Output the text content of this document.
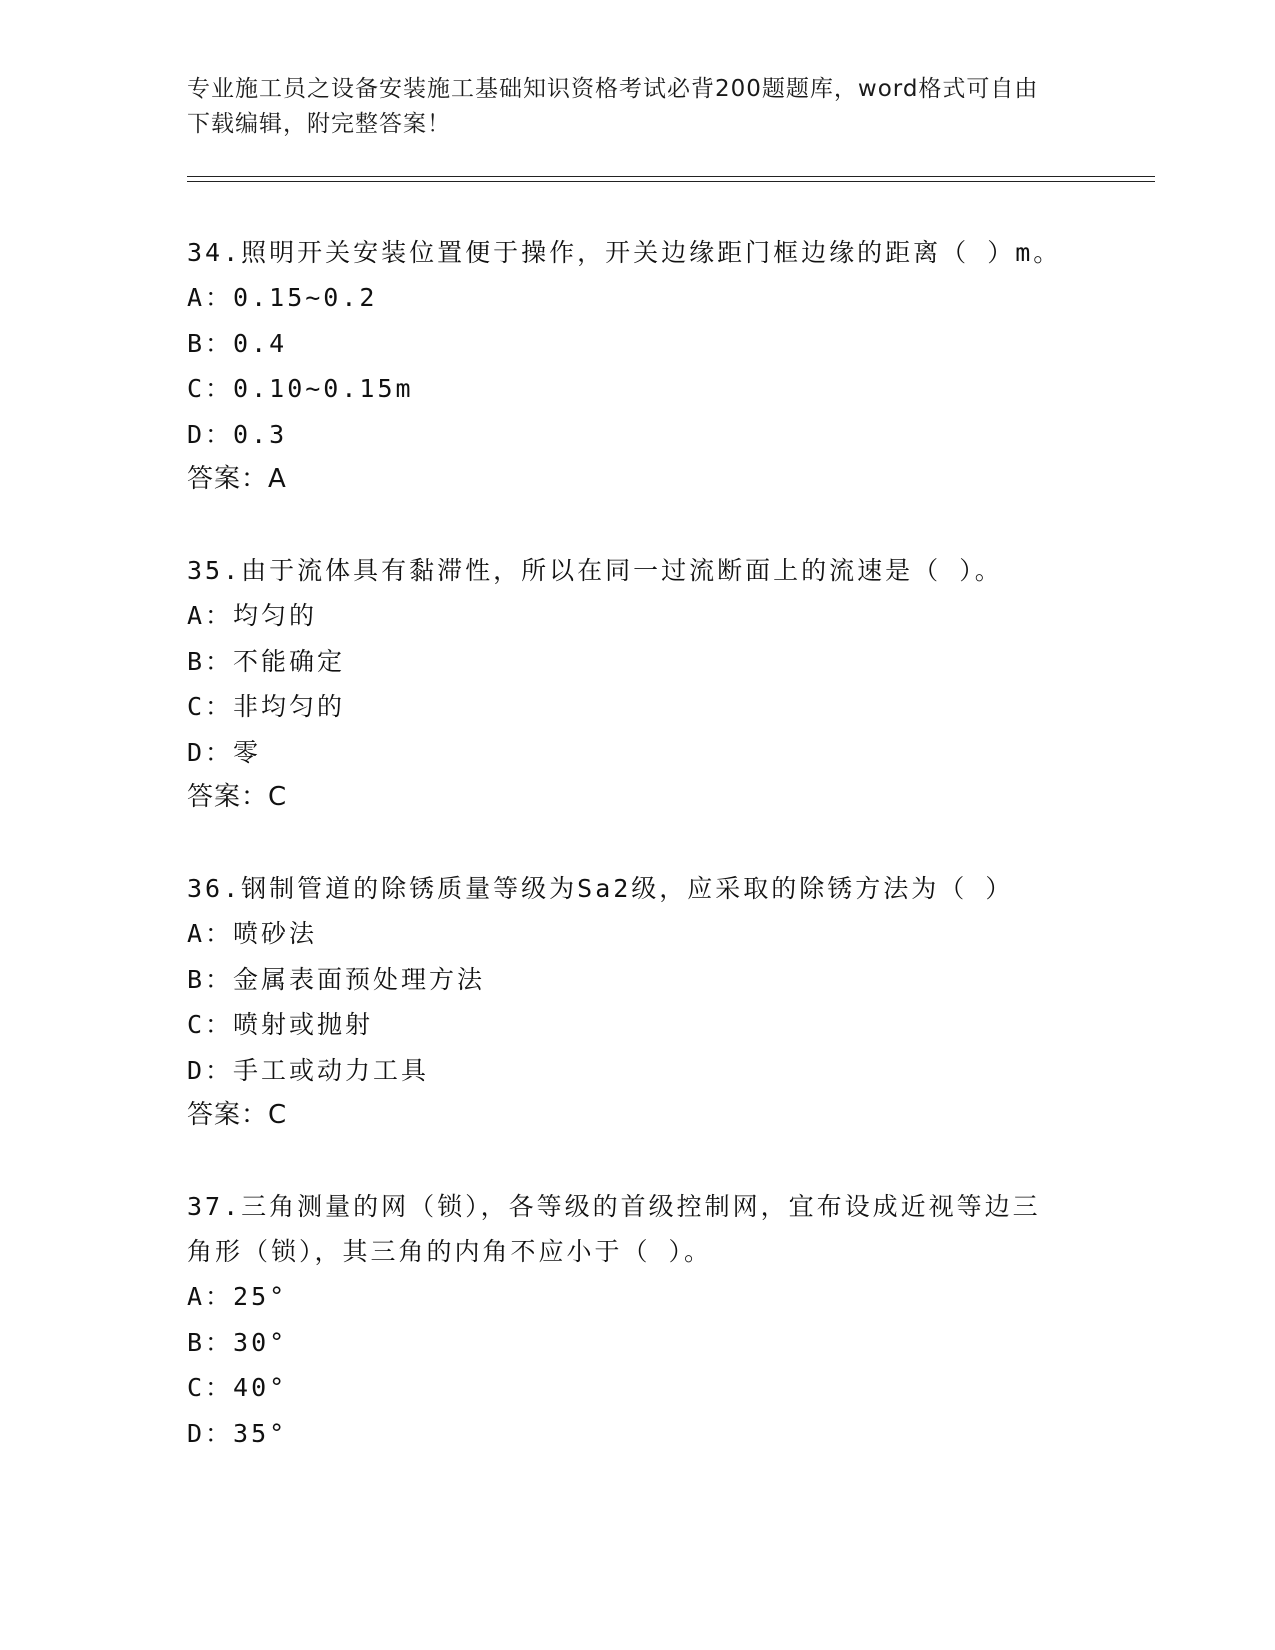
专业施工员之设备安装施工基础知识资格考试必背200题题库，word格式可自由
下载编辑，附完整答案！

34.照明开关安装位置便于操作，开关边缘距门框边缘的距离（ ）m。

A：0.15~0.2

B：0.4

C：0.10~0.15m

D：0.3

答案：A

35.由于流体具有黏滞性，所以在同一过流断面上的流速是（ ）。

A：均匀的

B：不能确定

C：非均匀的

D：零

答案：C

36.钢制管道的除锈质量等级为Sa2级，应采取的除锈方法为（ ）

A：喷砂法

B：金属表面预处理方法

C：喷射或抛射

D：手工或动力工具

答案：C

37.三角测量的网（锁），各等级的首级控制网，宜布设成近视等边三

角形（锁），其三角的内角不应小于（ ）。

A：25°

B：30°

C：40°

D：35°
